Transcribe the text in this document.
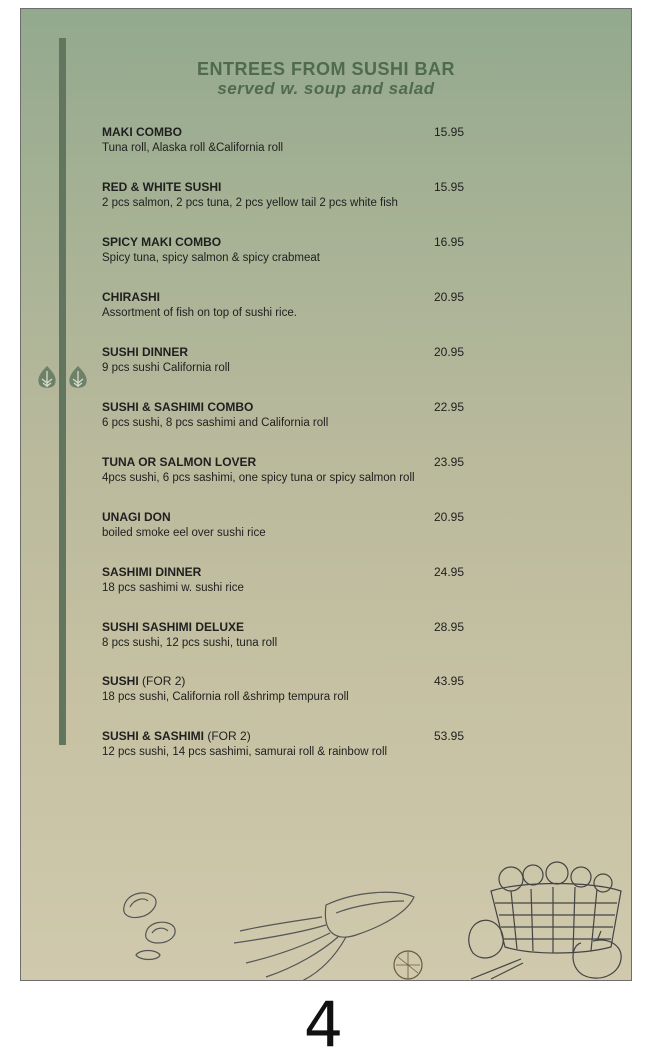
ENTREES FROM SUSHI BAR
served w. soup and salad
MAKI COMBO	15.95
Tuna roll, Alaska roll &California roll
RED & WHITE SUSHI	15.95
2 pcs salmon, 2 pcs tuna, 2 pcs yellow tail 2 pcs white fish
SPICY MAKI COMBO	16.95
Spicy tuna, spicy salmon & spicy crabmeat
CHIRASHI	20.95
Assortment of fish on top of sushi rice.
SUSHI DINNER	20.95
9 pcs sushi California roll
SUSHI & SASHIMI COMBO	22.95
6 pcs sushi, 8 pcs sashimi and California roll
TUNA OR SALMON LOVER	23.95
4pcs sushi, 6 pcs sashimi, one spicy tuna or spicy salmon roll
UNAGI DON	20.95
boiled smoke eel over sushi rice
SASHIMI DINNER	24.95
18 pcs sashimi w. sushi rice
SUSHI SASHIMI DELUXE	28.95
8 pcs sushi, 12 pcs sushi, tuna roll
SUSHI (FOR 2)	43.95
18 pcs sushi, California roll &shrimp tempura roll
SUSHI & SASHIMI (FOR 2)	53.95
12 pcs sushi, 14 pcs sashimi, samurai roll & rainbow roll
4
